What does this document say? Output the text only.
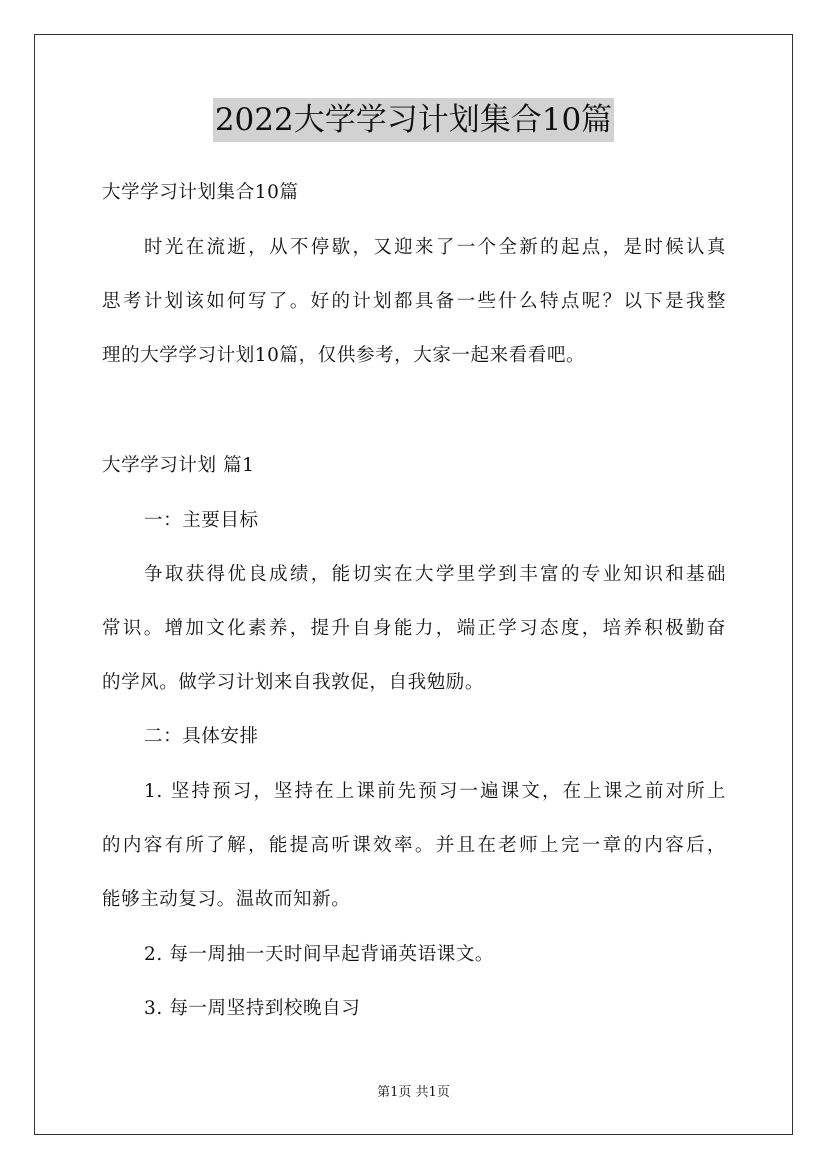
2022大学学习计划集合10篇
大学学习计划集合10篇
时光在流逝，从不停歇，又迎来了一个全新的起点，是时候认真
思考计划该如何写了。好的计划都具备一些什么特点呢？以下是我整
理的大学学习计划10篇，仅供参考，大家一起来看看吧。
大学学习计划 篇1
一：主要目标
争取获得优良成绩，能切实在大学里学到丰富的专业知识和基础
常识。增加文化素养，提升自身能力，端正学习态度，培养积极勤奋
的学风。做学习计划来自我敦促，自我勉励。
二：具体安排
1. 坚持预习，坚持在上课前先预习一遍课文，在上课之前对所上
的内容有所了解，能提高听课效率。并且在老师上完一章的内容后，
能够主动复习。温故而知新。
2. 每一周抽一天时间早起背诵英语课文。
3. 每一周坚持到校晚自习
第1页 共1页
